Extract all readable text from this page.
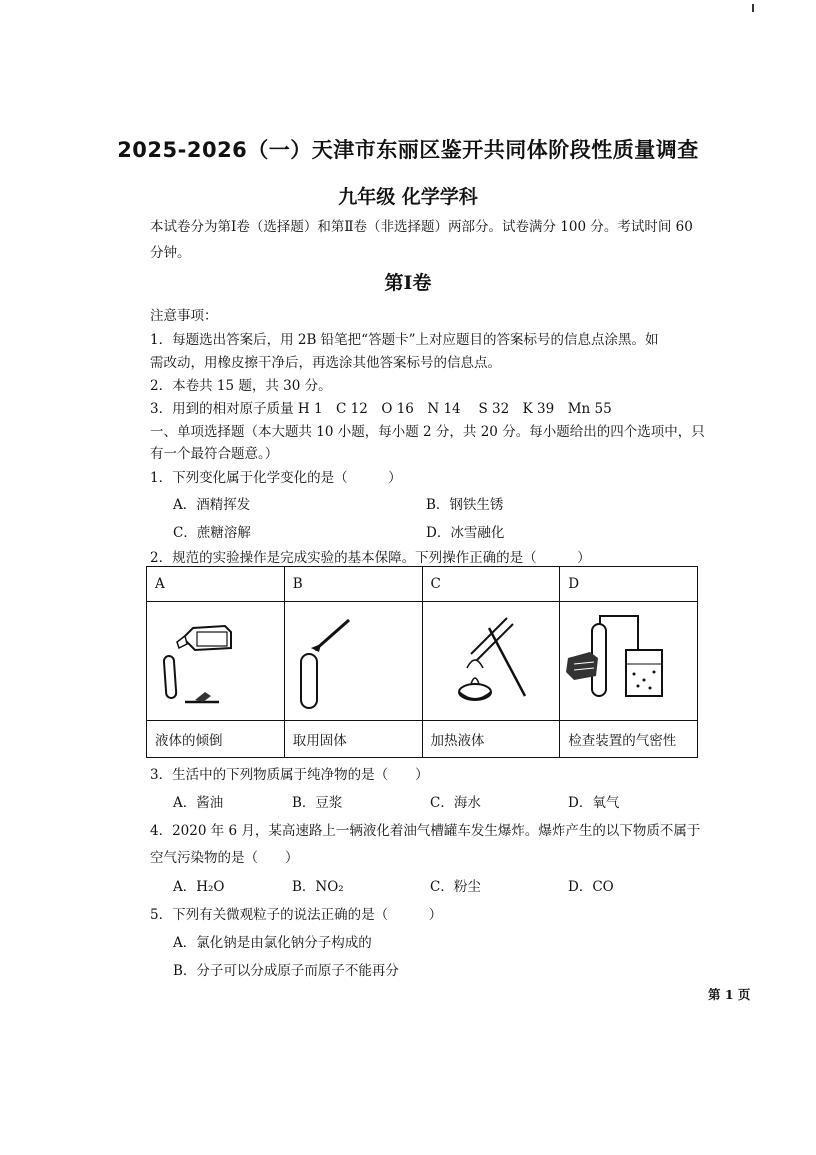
2025-2026（一）天津市东丽区鉴开共同体阶段性质量调查
九年级 化学学科
本试卷分为第Ⅰ卷（选择题）和第Ⅱ卷（非选择题）两部分。试卷满分 100 分。考试时间 60 分钟。
第Ⅰ卷
注意事项：
1．每题选出答案后，用 2B 铅笔把“答题卡”上对应题目的答案标号的信息点涂黑。如
需改动，用橡皮擦干净后，再选涂其他答案标号的信息点。
2．本卷共 15 题，共 30 分。
3．用到的相对原子质量 H 1　C 12　O 16　N 14　 S 32　K 39　Mn 55
一、单项选择题（本大题共 10 小题，每小题 2 分，共 20 分。每小题给出的四个选项中，只
有一个最符合题意。）
1．下列变化属于化学变化的是（　　　）
A．酒精挥发	B．钢铁生锈
C．蔗糖溶解	D．冰雪融化
2．规范的实验操作是完成实验的基本保障。下列操作正确的是（　　　）
A	B	C	D

液体的倾倒	取用固体	加热液体	检查装置的气密性
3．生活中的下列物质属于纯净物的是（　　）
A．酱油	B．豆浆	C．海水	D．氧气
4．2020 年 6 月，某高速路上一辆液化着油气槽罐车发生爆炸。爆炸产生的以下物质不属于
空气污染物的是（　　）
A．H₂O	B．NO₂	C．粉尘	D．CO
5．下列有关微观粒子的说法正确的是（　　　）
A．氯化钠是由氯化钠分子构成的
B．分子可以分成原子而原子不能再分
第 1 页
